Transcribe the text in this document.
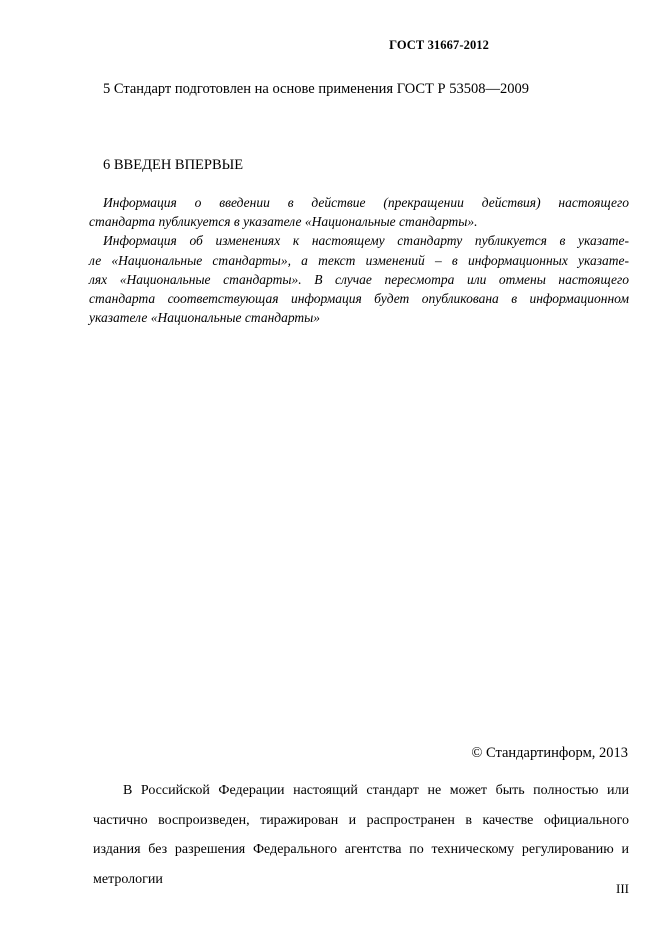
ГОСТ 31667-2012
5 Стандарт подготовлен на основе применения ГОСТ Р 53508—2009
6 ВВЕДЕН ВПЕРВЫЕ
Информация о введении в действие (прекращении действия) настоящего
стандарта публикуется в указателе «Национальные стандарты».
Информация об изменениях к настоящему стандарту публикуется в указате-
ле «Национальные стандарты», а текст изменений – в информационных указате-
лях «Национальные стандарты». В случае пересмотра или отмены настоящего
стандарта соответствующая информация будет опубликована в информационном
указателе «Национальные стандарты»
© Стандартинформ, 2013
В Российской Федерации настоящий стандарт не может быть полностью или
частично воспроизведен, тиражирован и распространен в качестве официального
издания без разрешения Федерального агентства по техническому регулированию и
метрологии
III
